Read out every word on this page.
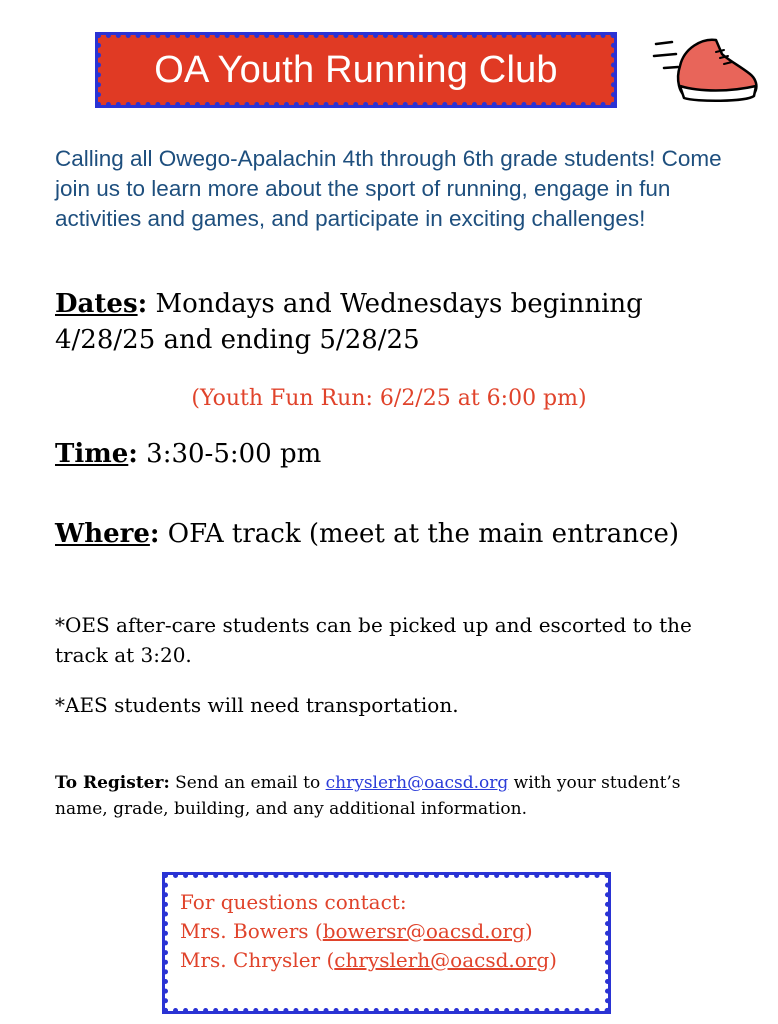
OA Youth Running Club
Calling all Owego-Apalachin 4th through 6th grade students! Come join us to learn more about the sport of running, engage in fun activities and games, and participate in exciting challenges!
Dates: Mondays and Wednesdays beginning 4/28/25 and ending 5/28/25
(Youth Fun Run: 6/2/25 at 6:00 pm)
Time: 3:30-5:00 pm
Where: OFA track (meet at the main entrance)
*OES after-care students can be picked up and escorted to the track at 3:20.
*AES students will need transportation.
To Register: Send an email to chryslerh@oacsd.org with your student’s name, grade, building, and any additional information.
For questions contact:
Mrs. Bowers (bowersr@oacsd.org)
Mrs. Chrysler (chryslerh@oacsd.org)
